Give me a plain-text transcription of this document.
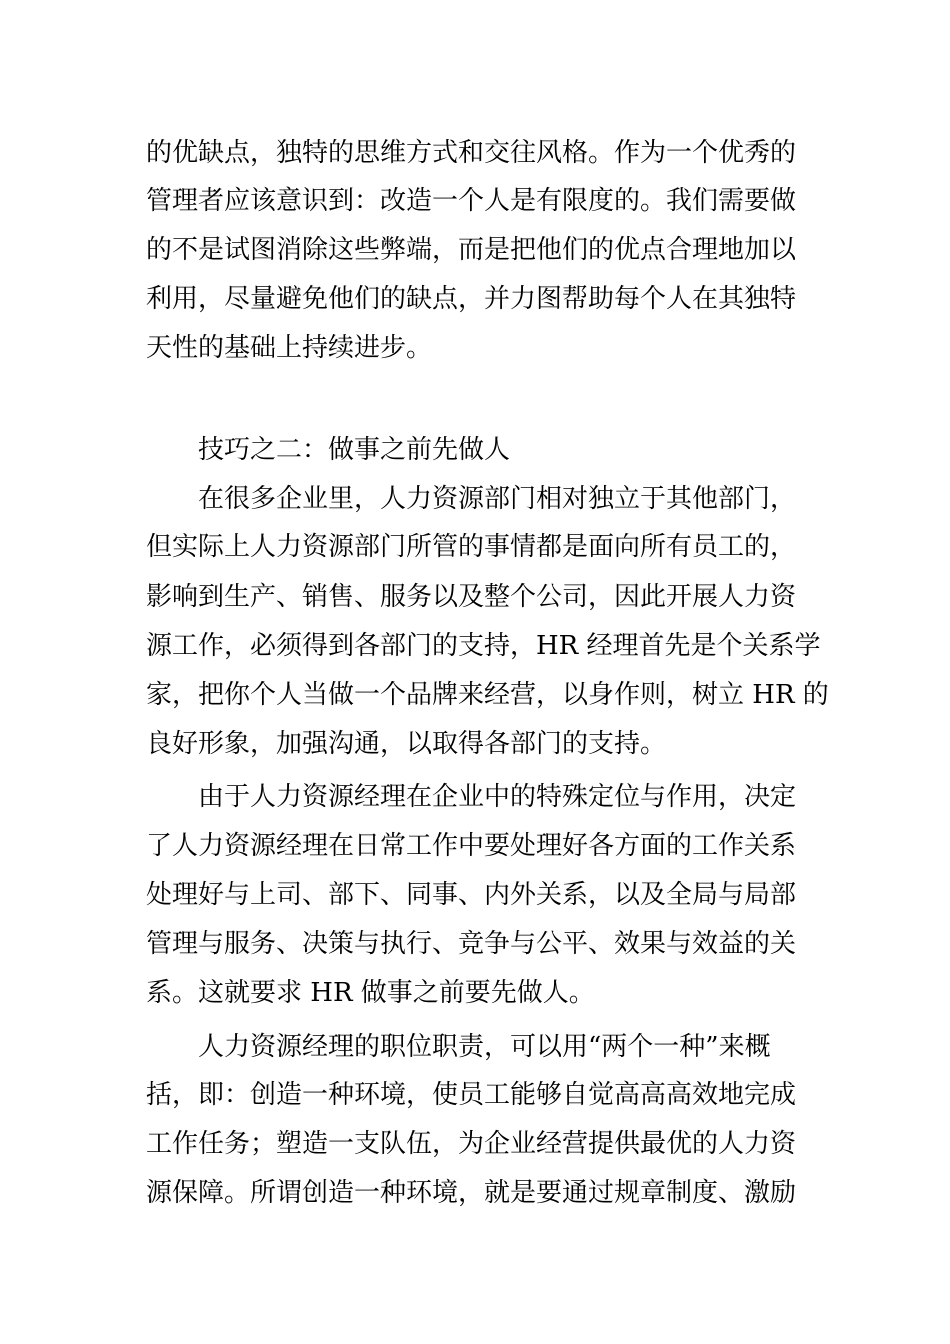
的优缺点，独特的思维方式和交往风格。作为一个优秀的
管理者应该意识到：改造一个人是有限度的。我们需要做
的不是试图消除这些弊端，而是把他们的优点合理地加以
利用，尽量避免他们的缺点，并力图帮助每个人在其独特
天性的基础上持续进步。
技巧之二：做事之前先做人
在很多企业里，人力资源部门相对独立于其他部门，
但实际上人力资源部门所管的事情都是面向所有员工的，
影响到生产、销售、服务以及整个公司，因此开展人力资
源工作，必须得到各部门的支持，HR 经理首先是个关系学
家，把你个人当做一个品牌来经营，以身作则，树立 HR 的
良好形象，加强沟通，以取得各部门的支持。
由于人力资源经理在企业中的特殊定位与作用，决定
了人力资源经理在日常工作中要处理好各方面的工作关系
处理好与上司、部下、同事、内外关系，以及全局与局部
管理与服务、决策与执行、竞争与公平、效果与效益的关
系。这就要求 HR 做事之前要先做人。
人力资源经理的职位职责，可以用“两个一种”来概
括，即：创造一种环境，使员工能够自觉高高高效地完成
工作任务；塑造一支队伍，为企业经营提供最优的人力资
源保障。所谓创造一种环境，就是要通过规章制度、激励
